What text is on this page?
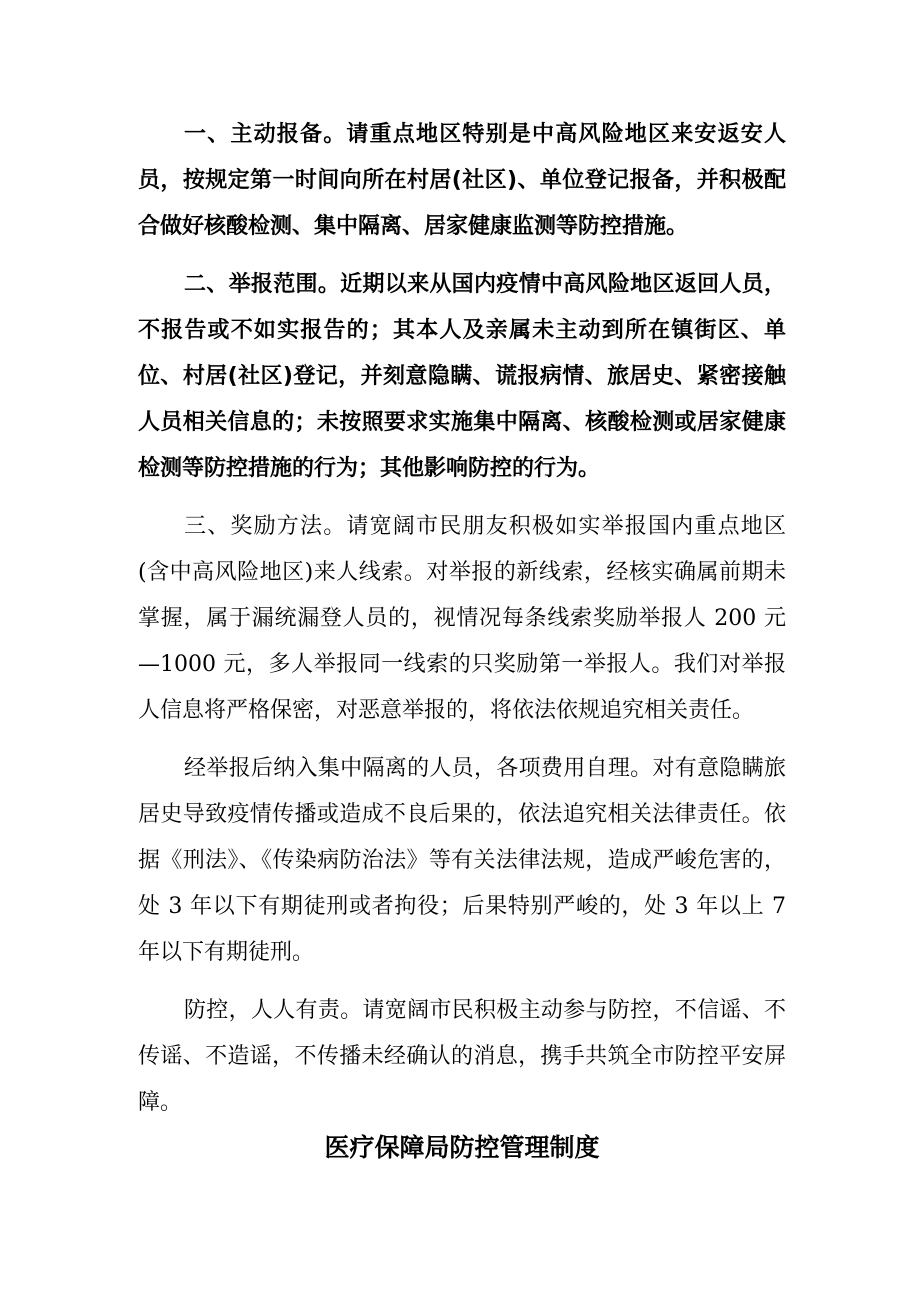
一、主动报备。请重点地区特别是中高风险地区来安返安人员，按规定第一时间向所在村居(社区)、单位登记报备，并积极配合做好核酸检测、集中隔离、居家健康监测等防控措施。

二、举报范围。近期以来从国内疫情中高风险地区返回人员，不报告或不如实报告的；其本人及亲属未主动到所在镇街区、单位、村居(社区)登记，并刻意隐瞒、谎报病情、旅居史、紧密接触人员相关信息的；未按照要求实施集中隔离、核酸检测或居家健康检测等防控措施的行为；其他影响防控的行为。

三、奖励方法。请宽阔市民朋友积极如实举报国内重点地区(含中高风险地区)来人线索。对举报的新线索，经核实确属前期未掌握，属于漏统漏登人员的，视情况每条线索奖励举报人 200 元—1000 元，多人举报同一线索的只奖励第一举报人。我们对举报人信息将严格保密，对恶意举报的，将依法依规追究相关责任。

经举报后纳入集中隔离的人员，各项费用自理。对有意隐瞒旅居史导致疫情传播或造成不良后果的，依法追究相关法律责任。依据《刑法》、《传染病防治法》等有关法律法规，造成严峻危害的，处 3 年以下有期徒刑或者拘役；后果特别严峻的，处 3 年以上 7 年以下有期徒刑。

防控，人人有责。请宽阔市民积极主动参与防控，不信谣、不传谣、不造谣，不传播未经确认的消息，携手共筑全市防控平安屏障。

医疗保障局防控管理制度
